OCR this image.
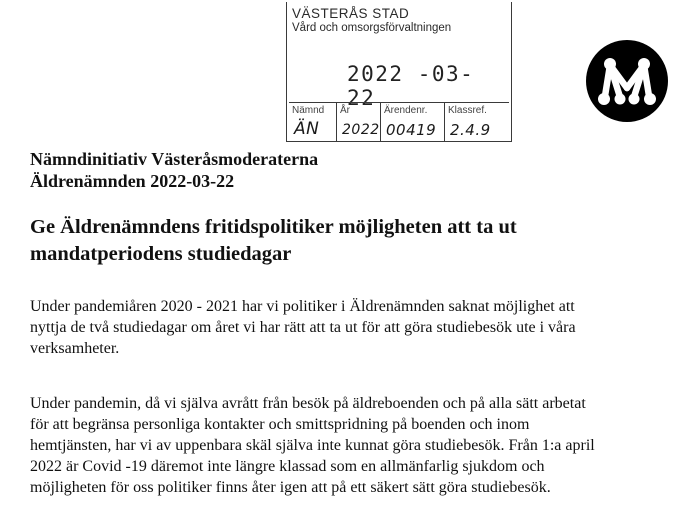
VÄSTERÅS STAD
Vård och omsorgsförvaltningen
2022 -03- 22
Nämnd
ÄN
År
2022
Ärendenr.
00419
Klassref.
2.4.9
Nämndinitiativ Västeråsmoderaterna
Äldrenämnden 2022-03-22
Ge Äldrenämndens fritidspolitiker möjligheten att ta ut
mandatperiodens studiedagar

Under pandemiåren 2020 - 2021 har vi politiker i Äldrenämnden saknat möjlighet att

nyttja de två studiedagar om året vi har rätt att ta ut för att göra studiebesök ute i våra

verksamheter.

Under pandemin, då vi själva avrått från besök på äldreboenden och på alla sätt arbetat

för att begränsa personliga kontakter och smittspridning på boenden och inom

hemtjänsten, har vi av uppenbara skäl själva inte kunnat göra studiebesök. Från 1:a april

2022 är Covid -19 däremot inte längre klassad som en allmänfarlig sjukdom och

möjligheten för oss politiker finns åter igen att på ett säkert sätt göra studiebesök.
